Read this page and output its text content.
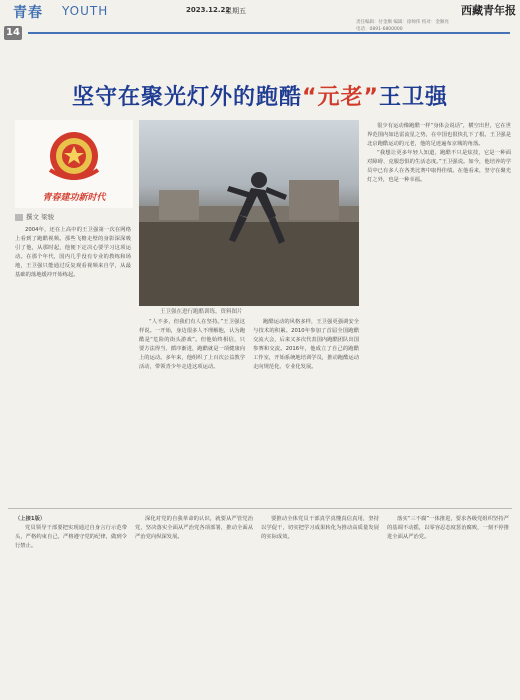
青春 YOUTH	2023.12.22
星期五	西藏青年报
责任编辑：付金顺 编辑：徐帅伟 校对：金顺亮
电话：0891-6800000
14
坚守在聚光灯外的跑酷“元老”王卫强
青春建功新时代
撰文 梁骏
王卫强在进行跑酷训练。资料图片

很少有运动像跑酷一样“身体会说话”，横空出世，它在世界范围内如迅雷流星之势，在中国也很快扎下了根。王卫强是北京跑酷运动的元老，他的足迹遍布京城的角落。

“我想让更多年轻人知道，跑酷不只是炫技，它是一种面对障碍、克服恐惧的生活态度。”王卫强说。如今，他培养的学员中已有多人在各类比赛中取得佳绩。在他看来，坚守在聚光灯之外，也是一种幸福。

2004年，还在上高中的王卫强第一次在网络上看到了跑酷视频。那些飞檐走壁的身影深深吸引了他，从那时起，他便下定决心要学习这项运动。在那个年代，国内几乎没有专业的教练和场地，王卫强只能通过反复观看视频来自学，从最基础的落地缓冲开始练起。

“人不多，但我们有人在坚持。”王卫强这样说。一开始，身边很多人不理解他，认为跑酷是“危险的街头游戏”。但他始终相信，只要方法得当、循序渐进，跑酷就是一项健康向上的运动。多年来，他组织了上百次公益教学活动，带领青少年走进这项运动。

跑酷运动的风格多样，王卫强更强调安全与技术的积累。2010年参加了首届全国跑酷交流大会，后来又多次代表国内跑酷团队出国参赛和交流。2016年，他成立了自己的跑酷工作室，开始系统地培训学员，推动跑酷运动走向规范化、专业化发展。

（上接1版）

党员领导干部要把实现通过自身言行示范带头，严格约束自己，严格遵守党的纪律，做到令行禁止。

深化对党的自我革命的认识，就要从严管党治党，坚决落实全面从严治党各项部署，推动全面从严治党向纵深发展。

要推动全体党员干部真学真懂真信真用，坚持以学促干，切实把学习成果转化为推动高质量发展的实际成效。

落实“三不腐”一体推进，要求各级党组织坚持严的基调不动摇，以零容忍态度惩治腐败，一刻不停推进全面从严治党。
